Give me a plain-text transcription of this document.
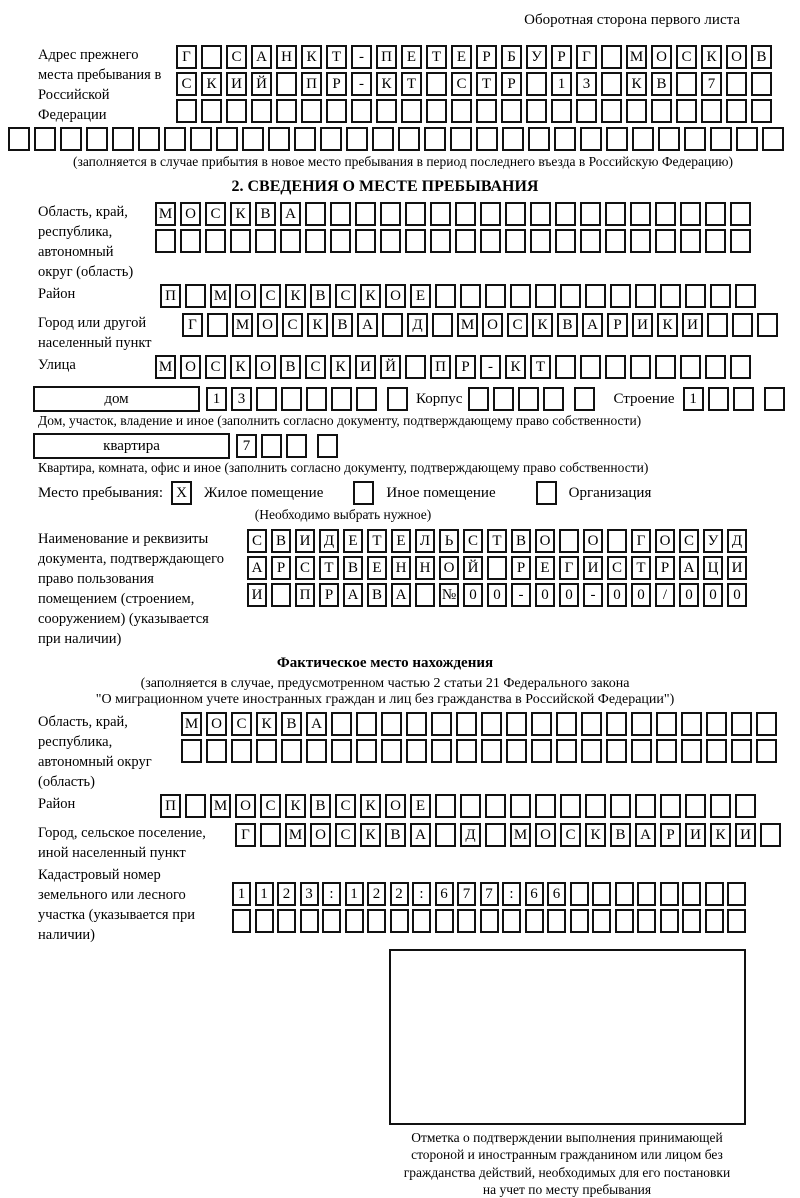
Оборотная сторона первого листа
Адрес прежнего места пребывания в Российской Федерации
Г	С А Н К	Т	-	П Е	Т	Е	Р	Б	У	Р	Г	М О С К О В
С К И Й	П	Р	-	К	Т	С	Т	Р	1	3	К В	7
(заполняется в случае прибытия в новое место пребывания в период последнего въезда в Российскую Федерацию)
2. СВЕДЕНИЯ О МЕСТЕ ПРЕБЫВАНИЯ
Область, край, республика, автономный округ (область)
М О С К В А
Район	П	М О С К В С К О Е
Город или другой населенный пункт
Г	М О С К В А	Д	М О С К В А	Р	И К И
Улица	М О С К О В С К И Й	П	Р	-	К	Т
дом	1	3	Корпус	Строение 1
Дом, участок, владение и иное (заполнить согласно документу, подтверждающему право собственности)
квартира	7
Квартира, комната, офис и иное (заполнить согласно документу, подтверждающему право собственности)
Место пребывания: X	Жилое помещение	Иное помещение	Организация
(Необходимо выбрать нужное)
Наименование и реквизиты документа, подтверждающего право пользования помещением (строением, сооружением) (указывается при наличии)
С В И Д Е Т Е Л Ь С Т В О	О	Г О С У Д
А Р С Т В Е Н Н О Й	Р	Е	Г И С Т	Р А Ц И
И	П Р А В А	№ 0	0	-	0	0	-	0	0	/	0	0	0
Фактическое место нахождения
(заполняется в случае, предусмотренном частью 2 статьи 21 Федерального закона
"О миграционном учете иностранных граждан и лиц без гражданства в Российской Федерации")
Область, край, республика, автономный округ (область)
М О С К В А
Район	П	М О С К В С К О Е
Город, сельское поселение, иной населенный пункт
Г	М О С К В А	Д	М О С К В А	Р	И К И
Кадастровый номер земельного или лесного участка (указывается при наличии)
1	1	2	3	:	1	2	2	:	6	7	7	:	6	6
Отметка о подтверждении выполнения принимающей
стороной и иностранным гражданином или лицом без
гражданства действий, необходимых для его постановки
на учет по месту пребывания
